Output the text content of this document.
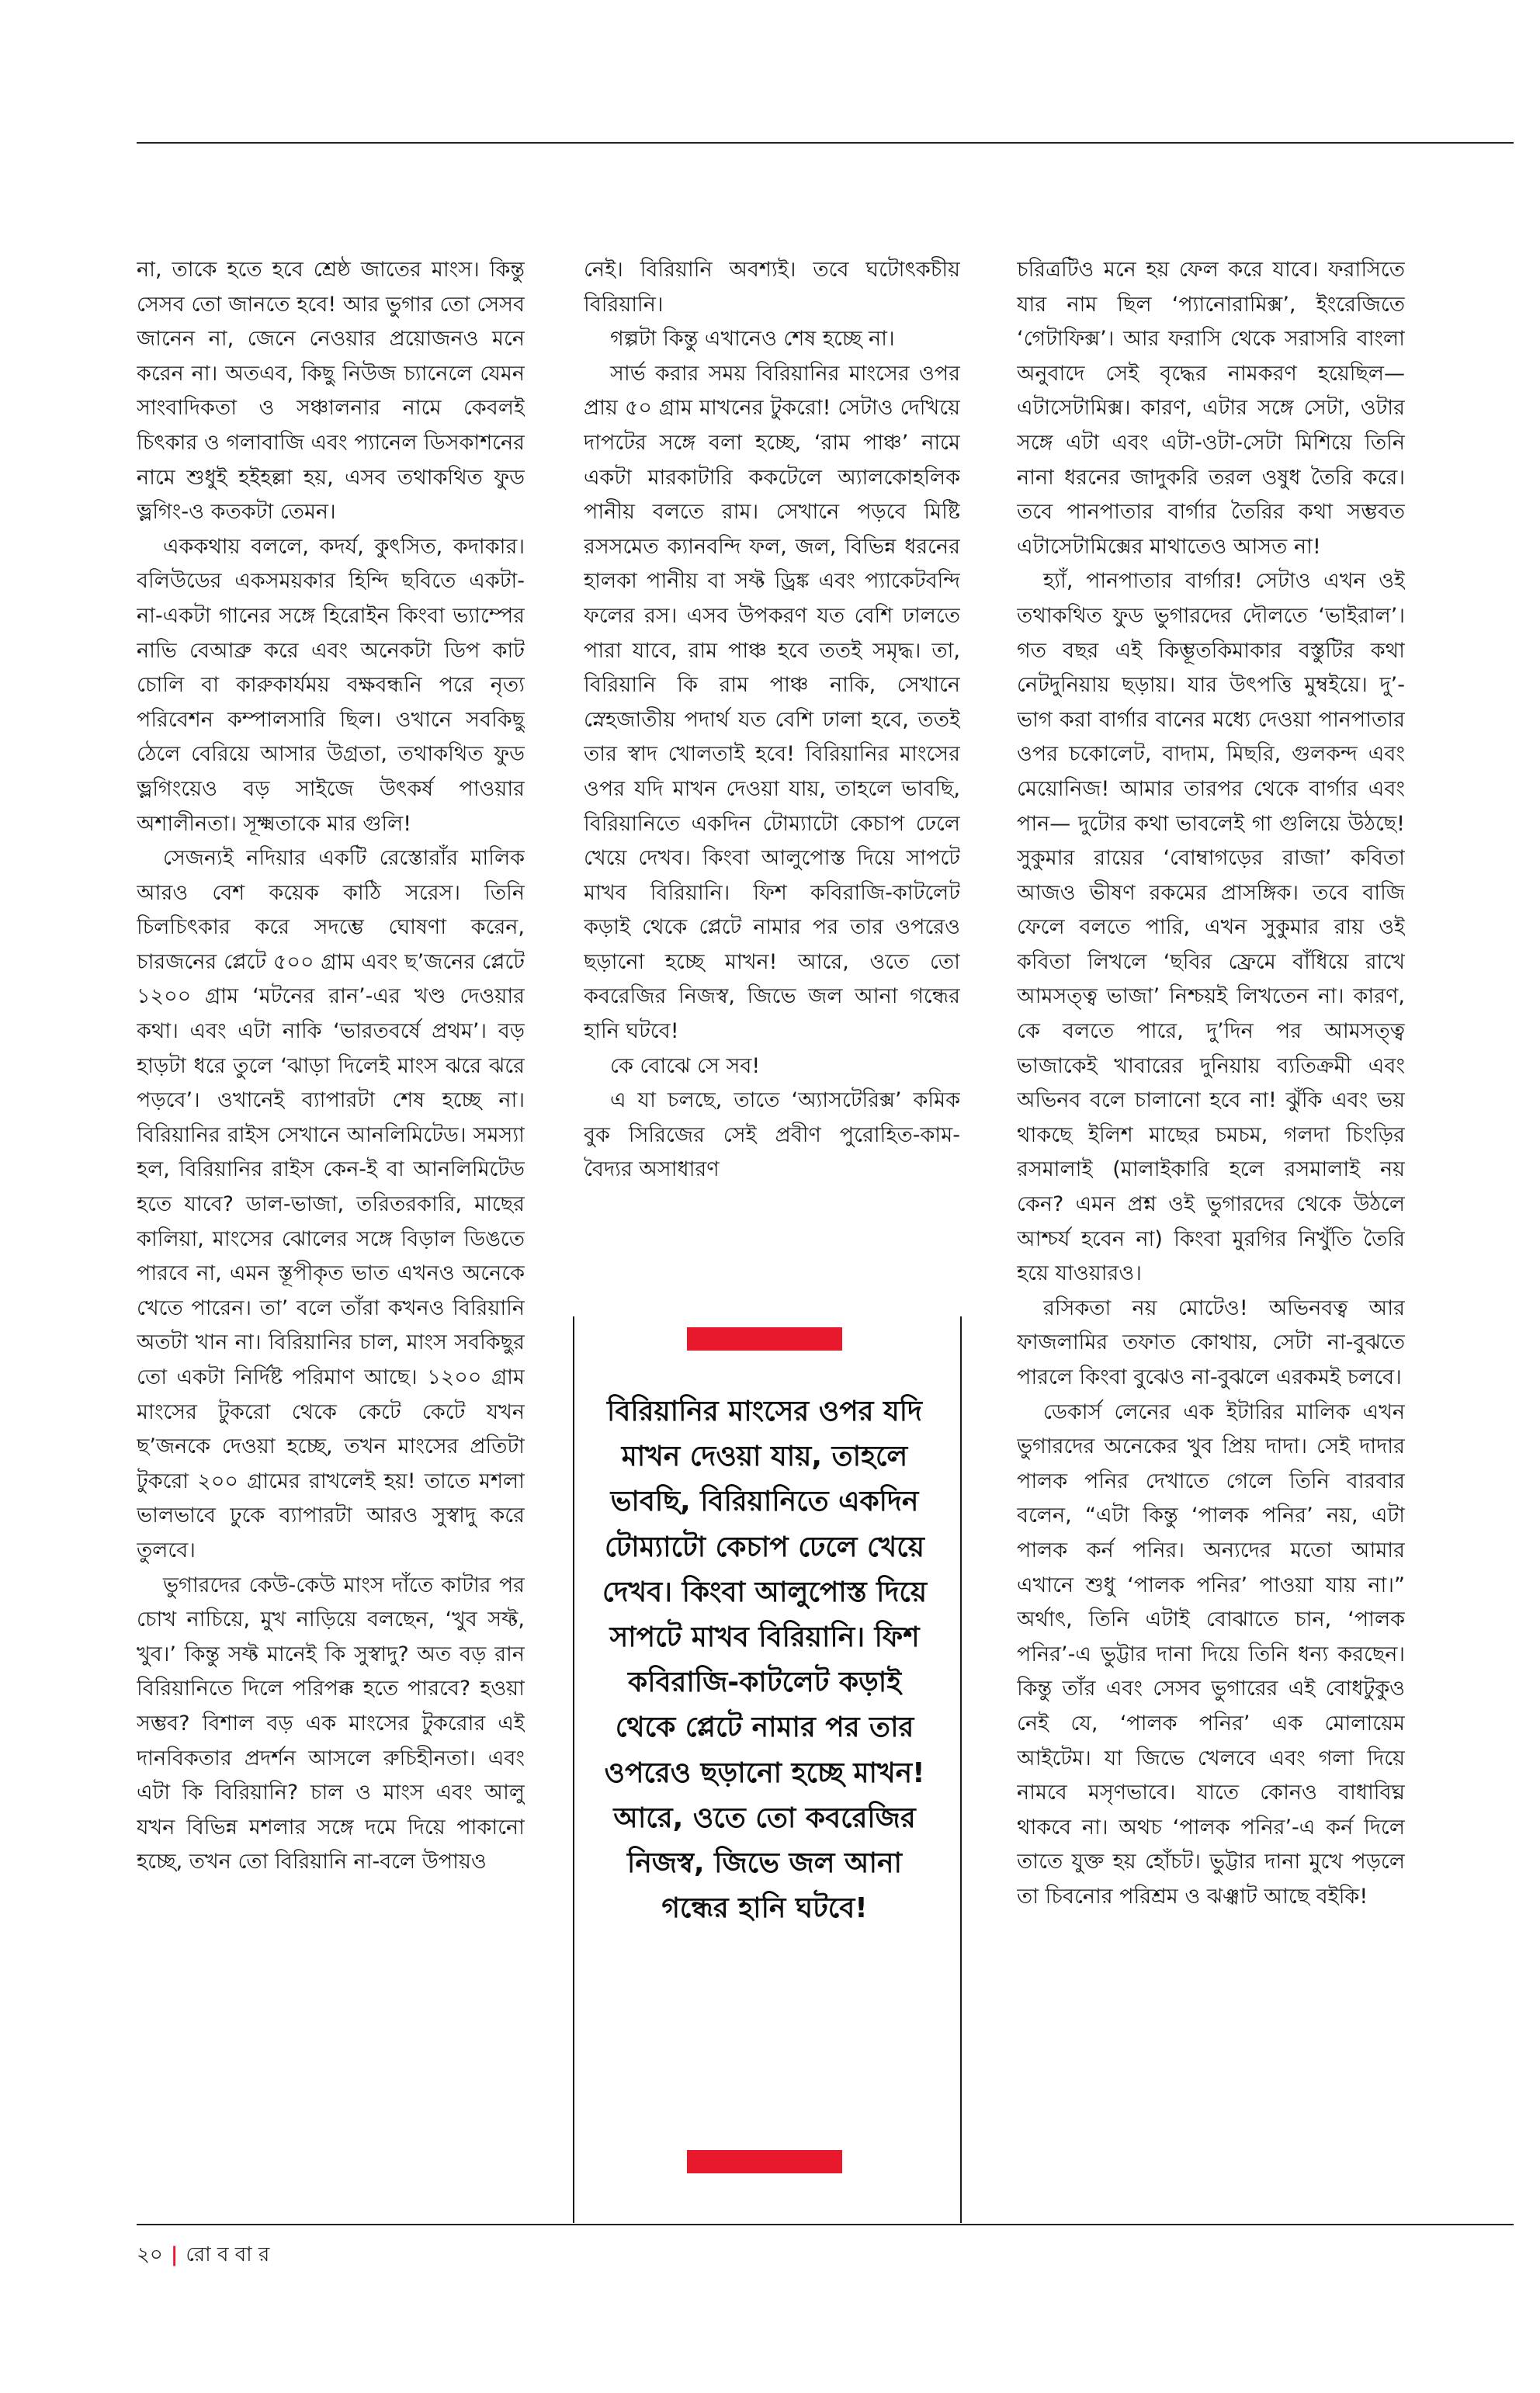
না, তাকে হতে হবে শ্রেষ্ঠ জাতের মাংস। কিন্তু সেসব তো জানতে হবে! আর ভুগার তো সেসব জানেন না, জেনে নেওয়ার প্রয়োজনও মনে করেন না। অতএব, কিছু নিউজ চ্যানেলে যেমন সাংবাদিকতা ও সঞ্চালনার নামে কেবলই চিৎকার ও গলাবাজি এবং প্যানেল ডিসকাশনের নামে শুধুই হইহল্লা হয়, এসব তথাকথিত ফুড ভ্লগিং-ও কতকটা তেমন।

এককথায় বললে, কদর্য, কুৎসিত, কদাকার। বলিউডের একসময়কার হিন্দি ছবিতে একটা-না-একটা গানের সঙ্গে হিরোইন কিংবা ভ্যাম্পের নাভি বেআব্রু করে এবং অনেকটা ডিপ কাট চোলি বা কারুকার্যময় বক্ষবন্ধনি পরে নৃত্য পরিবেশন কম্পালসারি ছিল। ওখানে সবকিছু ঠেলে বেরিয়ে আসার উগ্রতা, তথাকথিত ফুড ভ্লগিংয়েও বড় সাইজে উৎকর্ষ পাওয়ার অশালীনতা। সূক্ষ্মতাকে মার গুলি!

সেজন্যই নদিয়ার একটি রেস্তোরাঁর মালিক আরও বেশ কয়েক কাঠি সরেস। তিনি চিলচিৎকার করে সদম্ভে ঘোষণা করেন, চারজনের প্লেটে ৫০০ গ্রাম এবং ছ’জনের প্লেটে ১২০০ গ্রাম ‘মটনের রান’-এর খণ্ড দেওয়ার কথা। এবং এটা নাকি ‘ভারতবর্ষে প্রথম’। বড় হাড়টা ধরে তুলে ‘ঝাড়া দিলেই মাংস ঝরে ঝরে পড়বে’। ওখানেই ব্যাপারটা শেষ হচ্ছে না। বিরিয়ানির রাইস সেখানে আনলিমিটেড। সমস্যা হল, বিরিয়ানির রাইস কেন-ই বা আনলিমিটেড হতে যাবে? ডাল-ভাজা, তরিতরকারি, মাছের কালিয়া, মাংসের ঝোলের সঙ্গে বিড়াল ডিঙতে পারবে না, এমন স্তূপীকৃত ভাত এখনও অনেকে খেতে পারেন। তা’ বলে তাঁরা কখনও বিরিয়ানি অতটা খান না। বিরিয়ানির চাল, মাংস সবকিছুর তো একটা নির্দিষ্ট পরিমাণ আছে। ১২০০ গ্রাম মাংসের টুকরো থেকে কেটে কেটে যখন ছ’জনকে দেওয়া হচ্ছে, তখন মাংসের প্রতিটা টুকরো ২০০ গ্রামের রাখলেই হয়! তাতে মশলা ভালভাবে ঢুকে ব্যাপারটা আরও সুস্বাদু করে তুলবে।

ভুগারদের কেউ-কেউ মাংস দাঁতে কাটার পর চোখ নাচিয়ে, মুখ নাড়িয়ে বলছেন, ‘খুব সফ্ট, খুব।’ কিন্তু সফ্ট মানেই কি সুস্বাদু? অত বড় রান বিরিয়ানিতে দিলে পরিপক্ক হতে পারবে? হওয়া সম্ভব? বিশাল বড় এক মাংসের টুকরোর এই দানবিকতার প্রদর্শন আসলে রুচিহীনতা। এবং এটা কি বিরিয়ানি? চাল ও মাংস এবং আলু যখন বিভিন্ন মশলার সঙ্গে দমে দিয়ে পাকানো হচ্ছে, তখন তো বিরিয়ানি না-বলে উপায়ও

নেই। বিরিয়ানি অবশ্যই। তবে ঘটোৎকচীয় বিরিয়ানি।

গল্পটা কিন্তু এখানেও শেষ হচ্ছে না।

সার্ভ করার সময় বিরিয়ানির মাংসের ওপর প্রায় ৫০ গ্রাম মাখনের টুকরো! সেটাও দেখিয়ে দাপটের সঙ্গে বলা হচ্ছে, ‘রাম পাঞ্চ’ নামে একটা মারকাটারি ককটেলে অ্যালকোহলিক পানীয় বলতে রাম। সেখানে পড়বে মিষ্টি রসসমেত ক্যানবন্দি ফল, জল, বিভিন্ন ধরনের হালকা পানীয় বা সফ্ট ড্রিঙ্ক এবং প্যাকেটবন্দি ফলের রস। এসব উপকরণ যত বেশি ঢালতে পারা যাবে, রাম পাঞ্চ হবে ততই সমৃদ্ধ। তা, বিরিয়ানি কি রাম পাঞ্চ নাকি, সেখানে স্নেহজাতীয় পদার্থ যত বেশি ঢালা হবে, ততই তার স্বাদ খোলতাই হবে! বিরিয়ানির মাংসের ওপর যদি মাখন দেওয়া যায়, তাহলে ভাবছি, বিরিয়ানিতে একদিন টোম্যাটো কেচাপ ঢেলে খেয়ে দেখব। কিংবা আলুপোস্ত দিয়ে সাপটে মাখব বিরিয়ানি। ফিশ কবিরাজি-কাটলেট কড়াই থেকে প্লেটে নামার পর তার ওপরেও ছড়ানো হচ্ছে মাখন! আরে, ওতে তো কবরেজির নিজস্ব, জিভে জল আনা গন্ধের হানি ঘটবে!

কে বোঝে সে সব!

এ যা চলছে, তাতে ‘অ্যাসটেরিক্স’ কমিক বুক সিরিজের সেই প্রবীণ পুরোহিত-কাম-বৈদ্যর অসাধারণ

বিরিয়ানির মাংসের ওপর যদি মাখন দেওয়া যায়, তাহলে ভাবছি, বিরিয়ানিতে একদিন টোম্যাটো কেচাপ ঢেলে খেয়ে দেখব। কিংবা আলুপোস্ত দিয়ে সাপটে মাখব বিরিয়ানি। ফিশ কবিরাজি-কাটলেট কড়াই থেকে প্লেটে নামার পর তার ওপরেও ছড়ানো হচ্ছে মাখন! আরে, ওতে তো কবরেজির নিজস্ব, জিভে জল আনা গন্ধের হানি ঘটবে!

চরিত্রটিও মনে হয় ফেল করে যাবে। ফরাসিতে যার নাম ছিল ‘প্যানোরামিক্স’, ইংরেজিতে ‘গেটাফিক্স’। আর ফরাসি থেকে সরাসরি বাংলা অনুবাদে সেই বৃদ্ধের নামকরণ হয়েছিল— এটাসেটামিক্স। কারণ, এটার সঙ্গে সেটা, ওটার সঙ্গে এটা এবং এটা-ওটা-সেটা মিশিয়ে তিনি নানা ধরনের জাদুকরি তরল ওষুধ তৈরি করে। তবে পানপাতার বার্গার তৈরির কথা সম্ভবত এটাসেটামিক্সের মাথাতেও আসত না!

হ্যাঁ, পানপাতার বার্গার! সেটাও এখন ওই তথাকথিত ফুড ভুগারদের দৌলতে ‘ভাইরাল’। গত বছর এই কিম্ভূতকিমাকার বস্তুটির কথা নেটদুনিয়ায় ছড়ায়। যার উৎপত্তি মুম্বইয়ে। দু’-ভাগ করা বার্গার বানের মধ্যে দেওয়া পানপাতার ওপর চকোলেট, বাদাম, মিছরি, গুলকন্দ এবং মেয়োনিজ! আমার তারপর থেকে বার্গার এবং পান— দুটোর কথা ভাবলেই গা গুলিয়ে উঠছে! সুকুমার রায়ের ‘বোম্বাগড়ের রাজা’ কবিতা আজও ভীষণ রকমের প্রাসঙ্গিক। তবে বাজি ফেলে বলতে পারি, এখন সুকুমার রায় ওই কবিতা লিখলে ‘ছবির ফ্রেমে বাঁধিয়ে রাখে আমসত্ত্ব ভাজা’ নিশ্চয়ই লিখতেন না। কারণ, কে বলতে পারে, দু’দিন পর আমসত্ত্ব ভাজাকেই খাবারের দুনিয়ায় ব্যতিক্রমী এবং অভিনব বলে চালানো হবে না! ঝুঁকি এবং ভয় থাকছে ইলিশ মাছের চমচম, গলদা চিংড়ির রসমালাই (মালাইকারি হলে রসমালাই নয় কেন? এমন প্রশ্ন ওই ভুগারদের থেকে উঠলে আশ্চর্য হবেন না) কিংবা মুরগির নিখুঁতি তৈরি হয়ে যাওয়ারও।

রসিকতা নয় মোটেও! অভিনবত্ব আর ফাজলামির তফাত কোথায়, সেটা না-বুঝতে পারলে কিংবা বুঝেও না-বুঝলে এরকমই চলবে।

ডেকার্স লেনের এক ইটারির মালিক এখন ভুগারদের অনেকের খুব প্রিয় দাদা। সেই দাদার পালক পনির দেখাতে গেলে তিনি বারবার বলেন, “এটা কিন্তু ‘পালক পনির’ নয়, এটা পালক কর্ন পনির। অন্যদের মতো আমার এখানে শুধু ‘পালক পনির’ পাওয়া যায় না।” অর্থাৎ, তিনি এটাই বোঝাতে চান, ‘পালক পনির’-এ ভুট্টার দানা দিয়ে তিনি ধন্য করছেন। কিন্তু তাঁর এবং সেসব ভুগারের এই বোধটুকুও নেই যে, ‘পালক পনির’ এক মোলায়েম আইটেম। যা জিভে খেলবে এবং গলা দিয়ে নামবে মসৃণভাবে। যাতে কোনও বাধাবিঘ্ন থাকবে না। অথচ ‘পালক পনির’-এ কর্ন দিলে তাতে যুক্ত হয় হোঁচট। ভুট্টার দানা মুখে পড়লে তা চিবনোর পরিশ্রম ও ঝঞ্ঝাট আছে বইকি!

২০ | রো ব বা র
